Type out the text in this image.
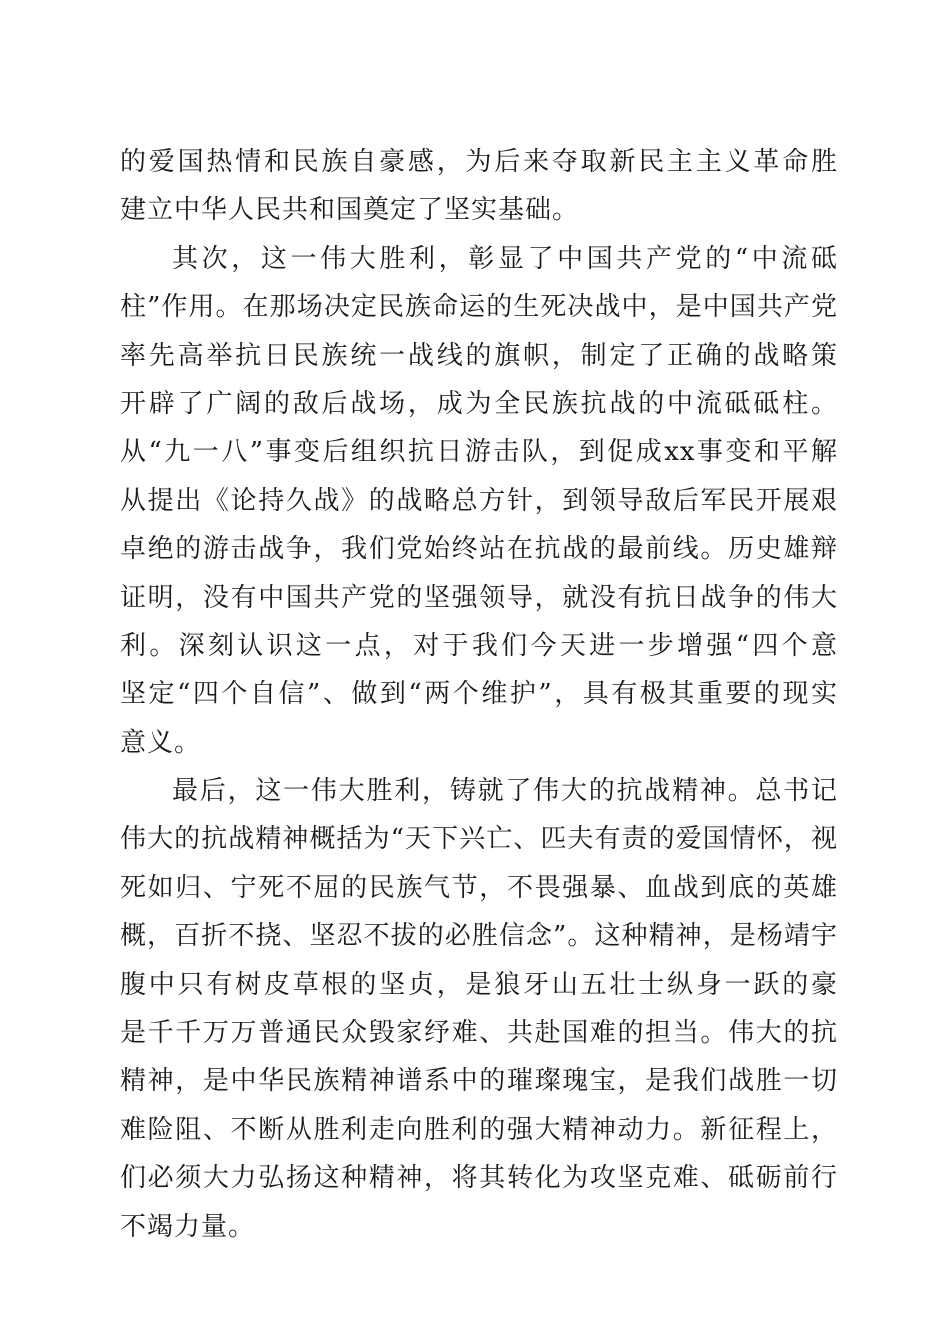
的爱国热情和民族自豪感，为后来夺取新民主主义革命胜
建立中华人民共和国奠定了坚实基础。
其次，这一伟大胜利，彰显了中国共产党的“中流砥
柱”作用。在那场决定民族命运的生死决战中，是中国共产党
率先高举抗日民族统一战线的旗帜，制定了正确的战略策
开辟了广阔的敌后战场，成为全民族抗战的中流砥砥柱。
从“九一八”事变后组织抗日游击队，到促成xx事变和平解
从提出《论持久战》的战略总方针，到领导敌后军民开展艰
卓绝的游击战争，我们党始终站在抗战的最前线。历史雄辩
证明，没有中国共产党的坚强领导，就没有抗日战争的伟大
利。深刻认识这一点，对于我们今天进一步增强“四个意
坚定“四个自信”、做到“两个维护”，具有极其重要的现实
意义。
最后，这一伟大胜利，铸就了伟大的抗战精神。总书记
伟大的抗战精神概括为“天下兴亡、匹夫有责的爱国情怀，视
死如归、宁死不屈的民族气节，不畏强暴、血战到底的英雄
概，百折不挠、坚忍不拔的必胜信念”。这种精神，是杨靖宇
腹中只有树皮草根的坚贞，是狼牙山五壮士纵身一跃的豪
是千千万万普通民众毁家纾难、共赴国难的担当。伟大的抗
精神，是中华民族精神谱系中的璀璨瑰宝，是我们战胜一切
难险阻、不断从胜利走向胜利的强大精神动力。新征程上，
们必须大力弘扬这种精神，将其转化为攻坚克难、砥砺前行
不竭力量。
